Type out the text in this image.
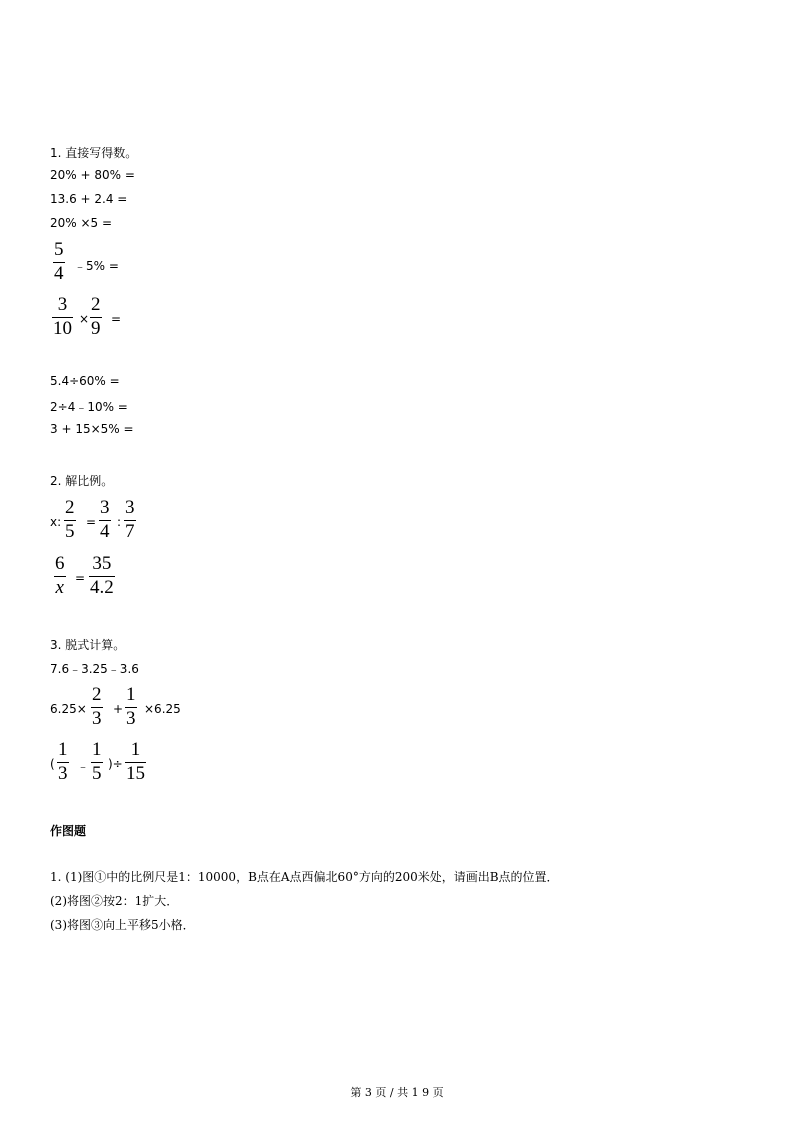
1. 直接写得数。
20% + 80% =
13.6 + 2.4 =
20% ×5 =
5
4 ﹣5% =
3
10 ×
2
9 =
5.4÷60% =
2÷4﹣10% =
3 + 15×5% =
2. 解比例。
x:
2
5 =
3
4 :
3
7
6
x =
35
4.2
3. 脱式计算。
7.6﹣3.25﹣3.6
6.25×
2
3 +
1
3 ×6.25
(
1
3 ﹣
1
5 )÷
1
15
作图题
1. (1)图①中的比例尺是1：10000，B点在A点西偏北60°方向的200米处，请画出B点的位置．
(2)将图②按2：1扩大．
(3)将图③向上平移5小格．
第 3 页 / 共 1 9 页
